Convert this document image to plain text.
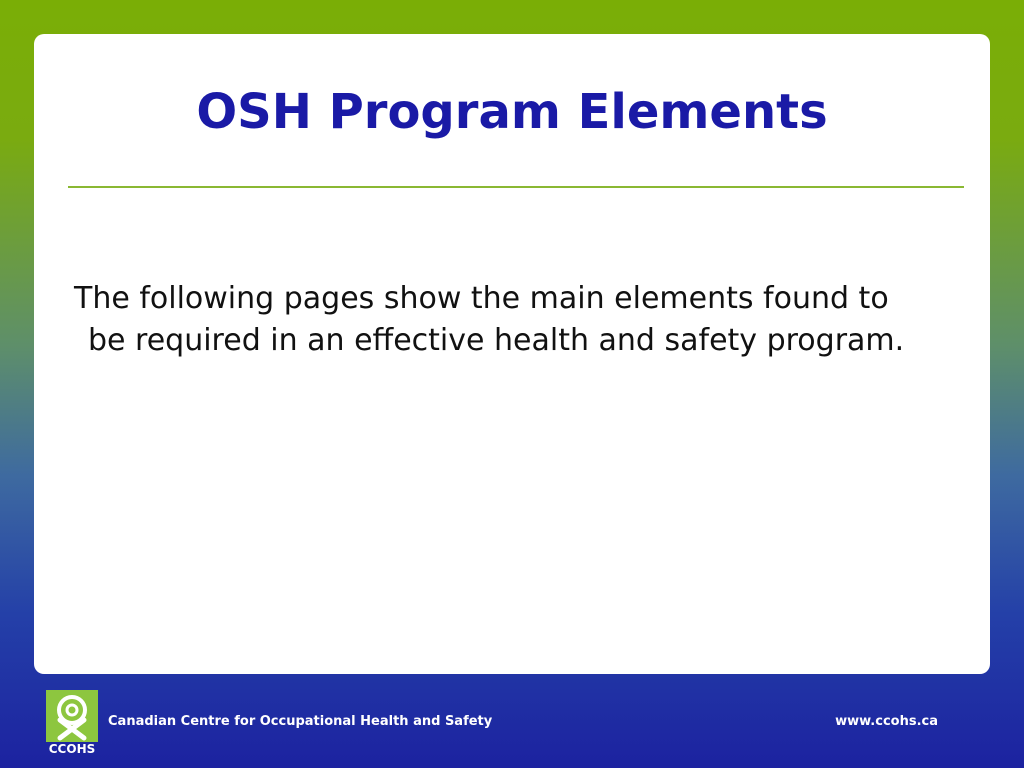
OSH Program Elements
The following pages show the main elements found to be required in an effective health and safety program.
CCOHS
Canadian Centre for Occupational Health and Safety	www.ccohs.ca
